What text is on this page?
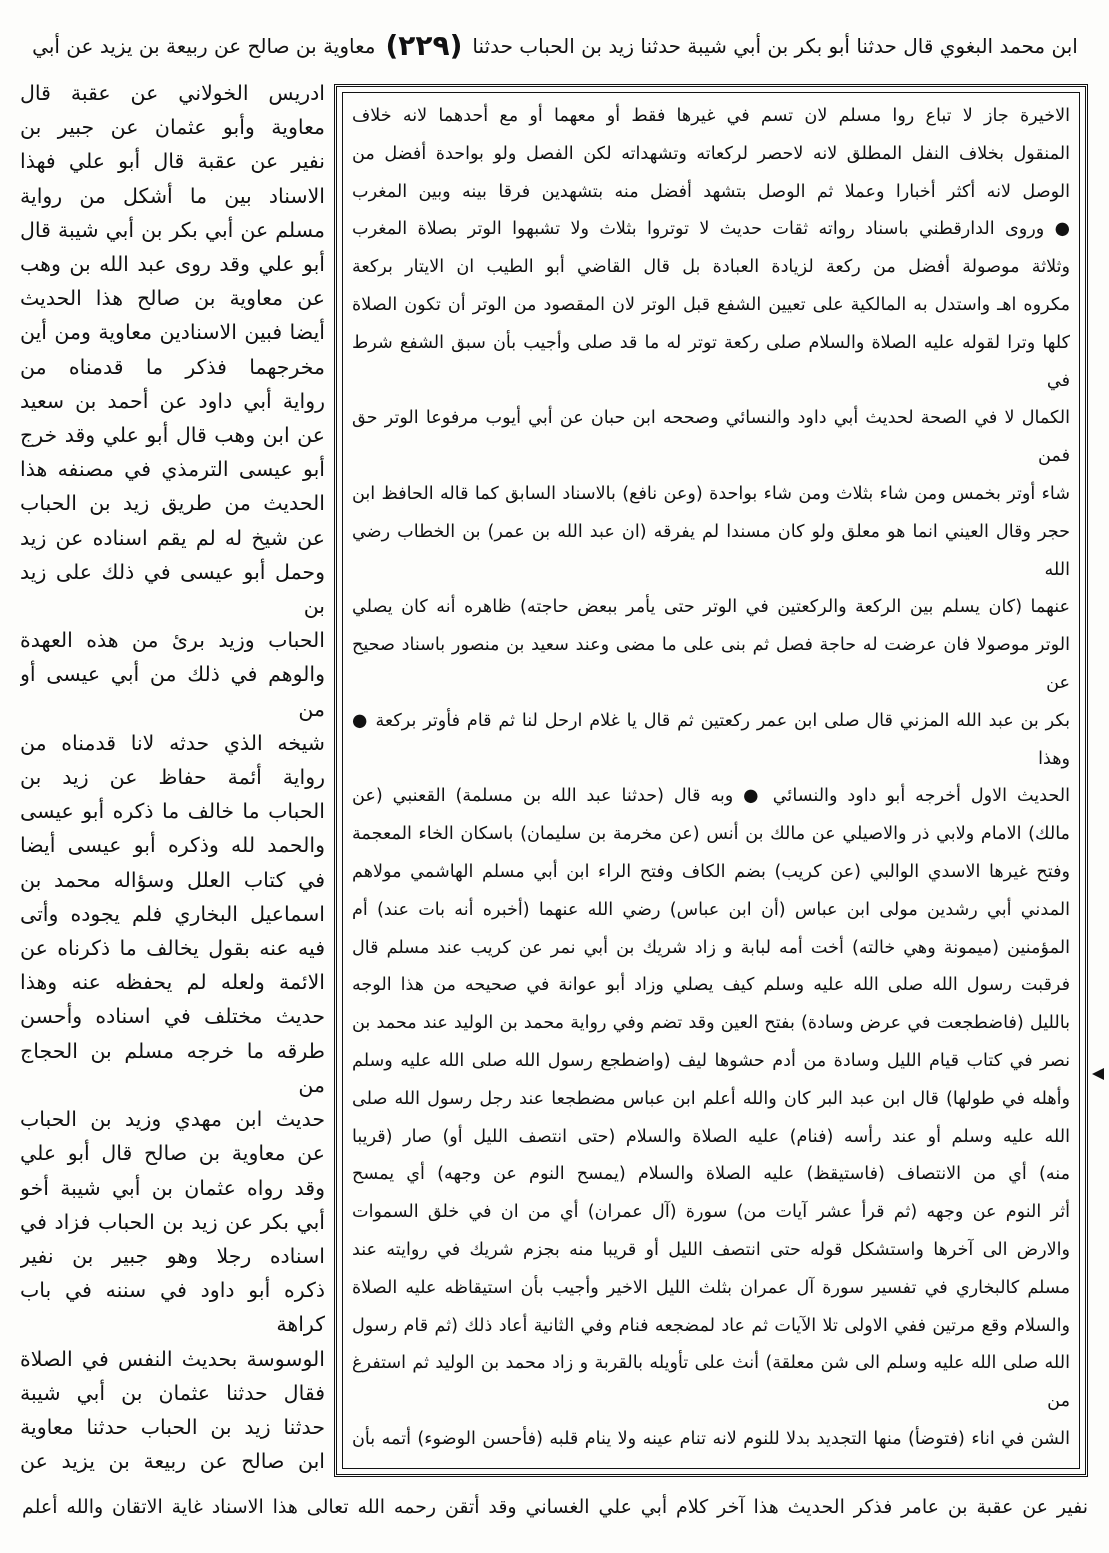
ابن محمد البغوي قال حدثنا أبو بكر بن أبي شيبة حدثنا زيد بن الحباب حدثنا
(٢٢٩)
معاوية بن صالح عن ربيعة بن يزيد عن أبي

الاخيرة جاز لا تباع روا مسلم لان تسم في غيرها فقط أو معهما أو مع أحدهما لانه خلاف

المنقول بخلاف النفل المطلق لانه لاحصر لركعاته وتشهداته لكن الفصل ولو بواحدة أفضل من

الوصل لانه أكثر أخبارا وعملا ثم الوصل بتشهد أفضل منه بتشهدين فرقا بينه وبين المغرب

● وروى الدارقطني باسناد رواته ثقات حديث لا توتروا بثلاث ولا تشبهوا الوتر بصلاة المغرب

وثلاثة موصولة أفضل من ركعة لزيادة العبادة بل قال القاضي أبو الطيب ان الايتار بركعة

مكروه اهـ واستدل به المالكية على تعيين الشفع قبل الوتر لان المقصود من الوتر أن تكون الصلاة

كلها وترا لقوله عليه الصلاة والسلام صلى ركعة توتر له ما قد صلى وأجيب بأن سبق الشفع شرط في

الكمال لا في الصحة لحديث أبي داود والنسائي وصححه ابن حبان عن أبي أيوب مرفوعا الوتر حق فمن

شاء أوتر بخمس ومن شاء بثلاث ومن شاء بواحدة (وعن نافع) بالاسناد السابق كما قاله الحافظ ابن

حجر وقال العيني انما هو معلق ولو كان مسندا لم يفرقه (ان عبد الله بن عمر) بن الخطاب رضي الله

عنهما (كان يسلم بين الركعة والركعتين في الوتر حتى يأمر ببعض حاجته) ظاهره أنه كان يصلي

الوتر موصولا فان عرضت له حاجة فصل ثم بنى على ما مضى وعند سعيد بن منصور باسناد صحيح عن

بكر بن عبد الله المزني قال صلى ابن عمر ركعتين ثم قال يا غلام ارحل لنا ثم قام فأوتر بركعة ● وهذا

الحديث الاول أخرجه أبو داود والنسائي ● وبه قال (حدثنا عبد الله بن مسلمة) القعنبي (عن

مالك) الامام ولابي ذر والاصيلي عن مالك بن أنس (عن مخرمة بن سليمان) باسكان الخاء المعجمة

وفتح غيرها الاسدي الوالبي (عن كريب) بضم الكاف وفتح الراء ابن أبي مسلم الهاشمي مولاهم

المدني أبي رشدين مولى ابن عباس (أن ابن عباس) رضي الله عنهما (أخبره أنه بات عند) أم

المؤمنين (ميمونة وهي خالته) أخت أمه لبابة و زاد شريك بن أبي نمر عن كريب عند مسلم قال

فرقبت رسول الله صلى الله عليه وسلم كيف يصلي وزاد أبو عوانة في صحيحه من هذا الوجه

بالليل (فاضطجعت في عرض وسادة) بفتح العين وقد تضم وفي رواية محمد بن الوليد عند محمد بن

نصر في كتاب قيام الليل وسادة من أدم حشوها ليف (واضطجع رسول الله صلى الله عليه وسلم

وأهله في طولها) قال ابن عبد البر كان والله أعلم ابن عباس مضطجعا عند رجل رسول الله صلى

الله عليه وسلم أو عند رأسه (فنام) عليه الصلاة والسلام (حتى انتصف الليل أو) صار (قريبا

منه) أي من الانتصاف (فاستيقظ) عليه الصلاة والسلام (يمسح النوم عن وجهه) أي يمسح

أثر النوم عن وجهه (ثم قرأ عشر آيات من) سورة (آل عمران) أي من ان في خلق السموات

والارض الى آخرها واستشكل قوله حتى انتصف الليل أو قريبا منه بجزم شريك في روايته عند

مسلم كالبخاري في تفسير سورة آل عمران بثلث الليل الاخير وأجيب بأن استيقاظه عليه الصلاة

والسلام وقع مرتين ففي الاولى تلا الآيات ثم عاد لمضجعه فنام وفي الثانية أعاد ذلك (ثم قام رسول

الله صلى الله عليه وسلم الى شن معلقة) أنث على تأويله بالقربة و زاد محمد بن الوليد ثم استفرغ من

الشن في اناء (فتوضأ) منها التجديد بدلا للنوم لانه تنام عينه ولا ينام قلبه (فأحسن الوضوء) أتمه بأن

ادريس الخولاني عن عقبة قال

معاوية وأبو عثمان عن جبير بن

نفير عن عقبة قال أبو علي فهذا

الاسناد بين ما أشكل من رواية

مسلم عن أبي بكر بن أبي شيبة قال

أبو علي وقد روى عبد الله بن وهب

عن معاوية بن صالح هذا الحديث

أيضا فبين الاسنادين معاوية ومن أين

مخرجهما فذكر ما قدمناه من

رواية أبي داود عن أحمد بن سعيد

عن ابن وهب قال أبو علي وقد خرج

أبو عيسى الترمذي في مصنفه هذا

الحديث من طريق زيد بن الحباب

عن شيخ له لم يقم اسناده عن زيد

وحمل أبو عيسى في ذلك على زيد بن

الحباب وزيد برئ من هذه العهدة

والوهم في ذلك من أبي عيسى أو من

شيخه الذي حدثه لانا قدمناه من

رواية أئمة حفاظ عن زيد بن

الحباب ما خالف ما ذكره أبو عيسى

والحمد لله وذكره أبو عيسى أيضا

في كتاب العلل وسؤاله محمد بن

اسماعيل البخاري فلم يجوده وأتى

فيه عنه بقول يخالف ما ذكرناه عن

الائمة ولعله لم يحفظه عنه وهذا

حديث مختلف في اسناده وأحسن

طرقه ما خرجه مسلم بن الحجاج من

حديث ابن مهدي وزيد بن الحباب

عن معاوية بن صالح قال أبو علي

وقد رواه عثمان بن أبي شيبة أخو

أبي بكر عن زيد بن الحباب فزاد في

اسناده رجلا وهو جبير بن نفير

ذكره أبو داود في سننه في باب كراهة

الوسوسة بحديث النفس في الصلاة

فقال حدثنا عثمان بن أبي شيبة

حدثنا زيد بن الحباب حدثنا معاوية

ابن صالح عن ربيعة بن يزيد عن

نفير عن عقبة بن عامر فذكر الحديث هذا آخر كلام أبي علي الغساني وقد أتقن رحمه الله تعالى هذا الاسناد غاية الاتقان والله أعلم
